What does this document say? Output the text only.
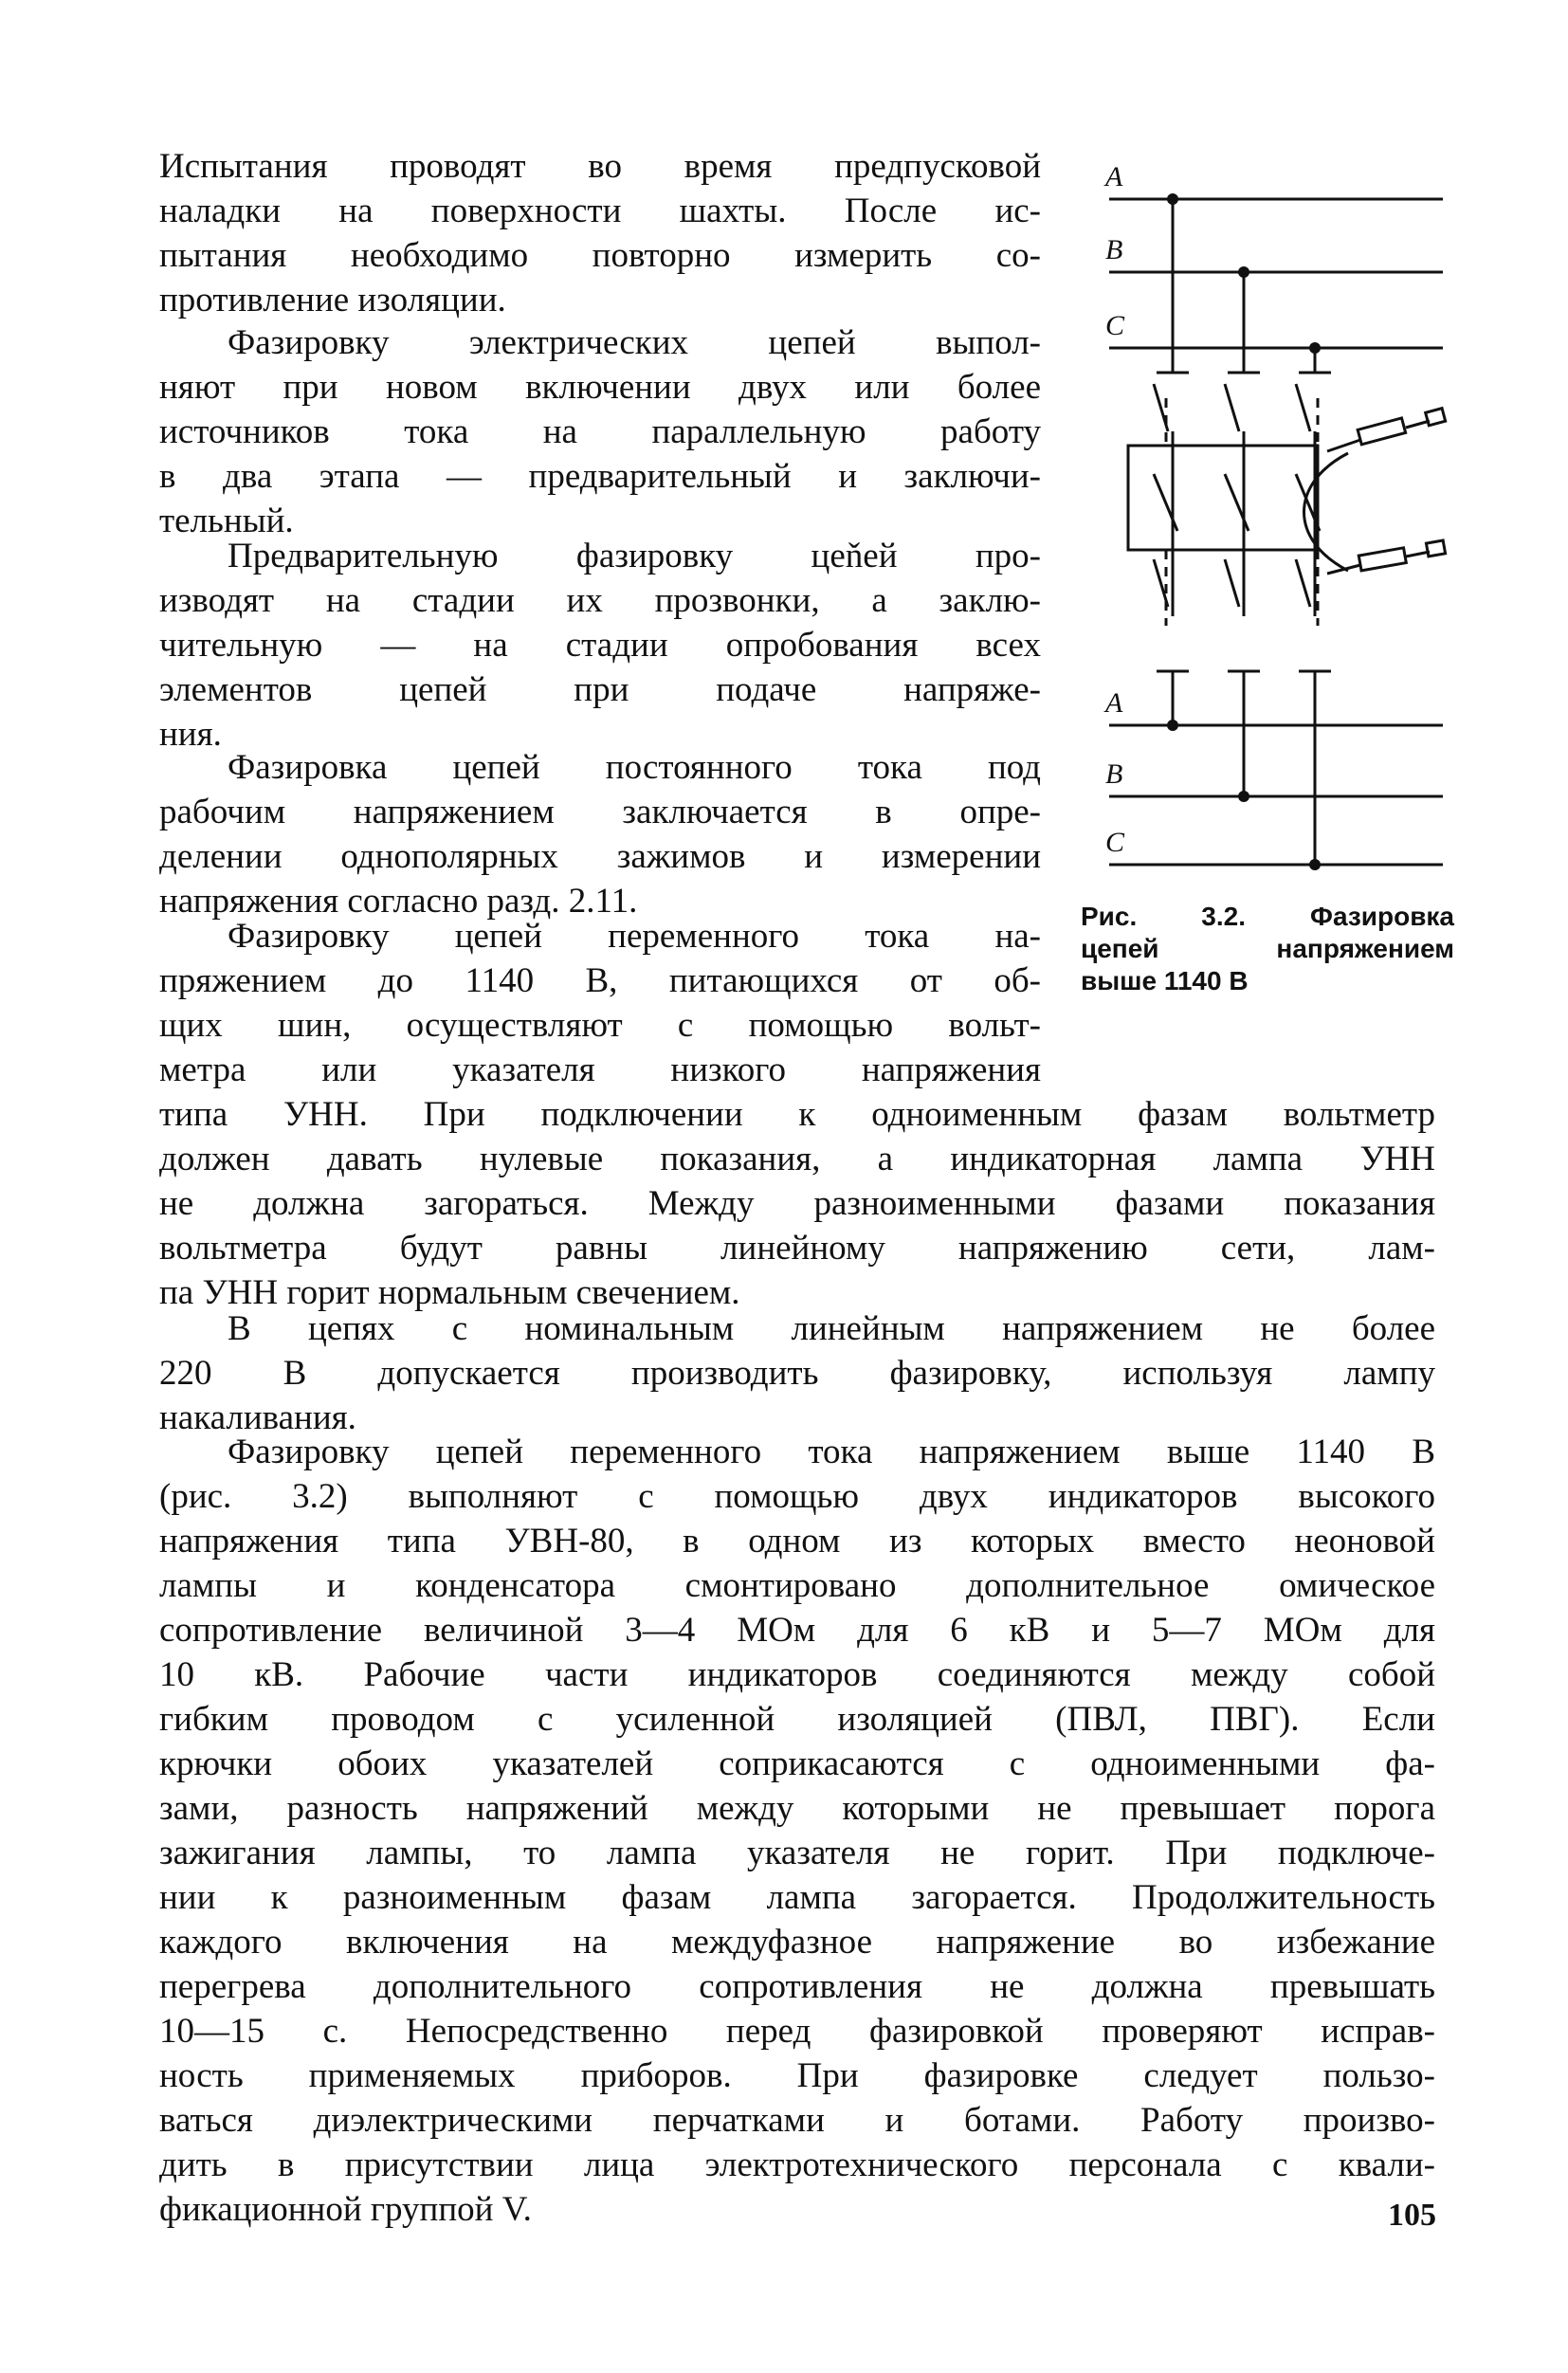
Испытания проводят во время предпусковой
наладки на поверхности шахты. После ис-
пытания необходимо повторно измерить со-
противление изоляции.
Фазировку электрических цепей выпол-
няют при новом включении двух или более
источников тока на параллельную работу
в два этапа — предварительный и заключи-
тельный.
Предварительную фазировку цеňей про-
изводят на стадии их прозвонки, а заклю-
чительную — на стадии опробования всех
элементов цепей при подаче напряже-
ния.
Фазировка цепей постоянного тока под
рабочим напряжением заключается в опре-
делении однополярных зажимов и измерении
напряжения согласно разд. 2.11.
Фазировку цепей переменного тока на-
пряжением до 1140 В, питающихся от об-
щих шин, осуществляют с помощью вольт-
метра или указателя низкого напряжения
типа УНН. При подключении к одноименным фазам вольтметр
должен давать нулевые показания, а индикаторная лампа УНН
не должна загораться. Между разноименными фазами показания
вольтметра будут равны линейному напряжению сети, лам-
па УНН горит нормальным свечением.
В цепях с номинальным линейным напряжением не более
220 В допускается производить фазировку, используя лампу
накаливания.
Фазировку цепей переменного тока напряжением выше 1140 В
(рис. 3.2) выполняют с помощью двух индикаторов высокого
напряжения типа УВН-80, в одном из которых вместо неоновой
лампы и конденсатора смонтировано дополнительное омическое
сопротивление величиной 3—4 МОм для 6 кВ и 5—7 МОм для
10 кВ. Рабочие части индикаторов соединяются между собой
гибким проводом с усиленной изоляцией (ПВЛ, ПВГ). Если
крючки обоих указателей соприкасаются с одноименными фа-
зами, разность напряжений между которыми не превышает порога
зажигания лампы, то лампа указателя не горит. При подключе-
нии к разноименным фазам лампа загорается. Продолжительность
каждого включения на междуфазное напряжение во избежание
перегрева дополнительного сопротивления не должна превышать
10—15 с. Непосредственно перед фазировкой проверяют исправ-
ность применяемых приборов. При фазировке следует пользо-
ваться диэлектрическими перчатками и ботами. Работу произво-
дить в присутствии лица электротехнического персонала с квали-
фикационной группой V.
A
B
C
A
B
C
Рис. 3.2. Фазировка
цепей напряжением
выше 1140 В
105
